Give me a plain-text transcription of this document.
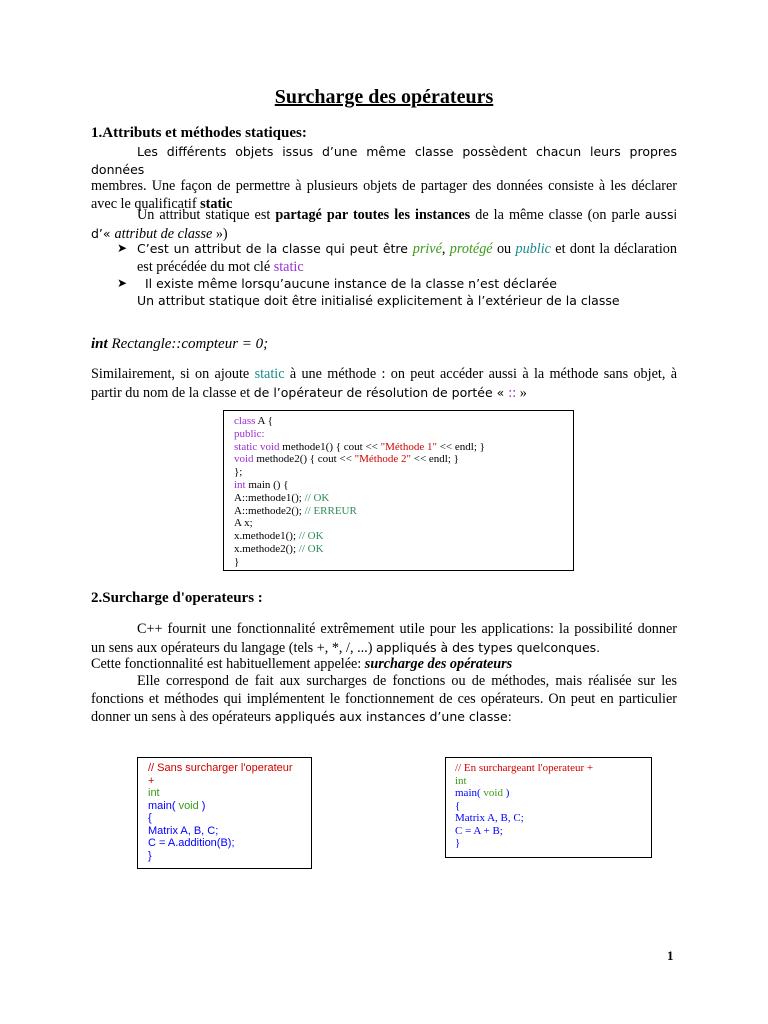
Surcharge des opérateurs
1.Attributs et méthodes statiques:
Les différents objets issus d’une même classe possèdent chacun leurs propres données
membres. Une façon de permettre à plusieurs objets de partager des données consiste à les déclarer avec le qualificatif static
Un attribut statique est partagé par toutes les instances de la même classe (on parle aussi d’« attribut de classe »)
➤ C’est un attribut de la classe qui peut être privé, protégé ou public et dont la déclaration est précédée du mot clé static
➤	Il existe même lorsqu’aucune instance de la classe n’est déclarée
Un attribut statique doit être initialisé explicitement à l’extérieur de la classe
int Rectangle::compteur = 0;
Similairement, si on ajoute static à une méthode : on peut accéder aussi à la méthode sans objet, à partir du nom de la classe et de l’opérateur de résolution de portée « :: »
class A {
public:
static void methode1() { cout << "Méthode 1" << endl; }
void methode2() { cout << "Méthode 2" << endl; }
};
int main () {
A::methode1(); // OK
A::methode2(); // ERREUR
A x;
x.methode1(); // OK
x.methode2(); // OK
}
2.Surcharge d'operateurs :
C++ fournit une fonctionnalité extrêmement utile pour les applications: la possibilité donner un sens aux opérateurs du langage (tels +, *, /, ...) appliqués à des types quelconques.
Cette fonctionnalité est habituellement appelée: surcharge des opérateurs
Elle correspond de fait aux surcharges de fonctions ou de méthodes, mais réalisée sur les fonctions et méthodes qui implémentent le fonctionnement de ces opérateurs. On peut en particulier donner un sens à des opérateurs appliqués aux instances d’une classe:
// Sans surcharger l'operateur
+
int
main( void )
{
Matrix A, B, C;
C = A.addition(B);
}
// En surchargeant l'operateur +
int
main( void )
{
Matrix A, B, C;
C = A + B;
}
1
